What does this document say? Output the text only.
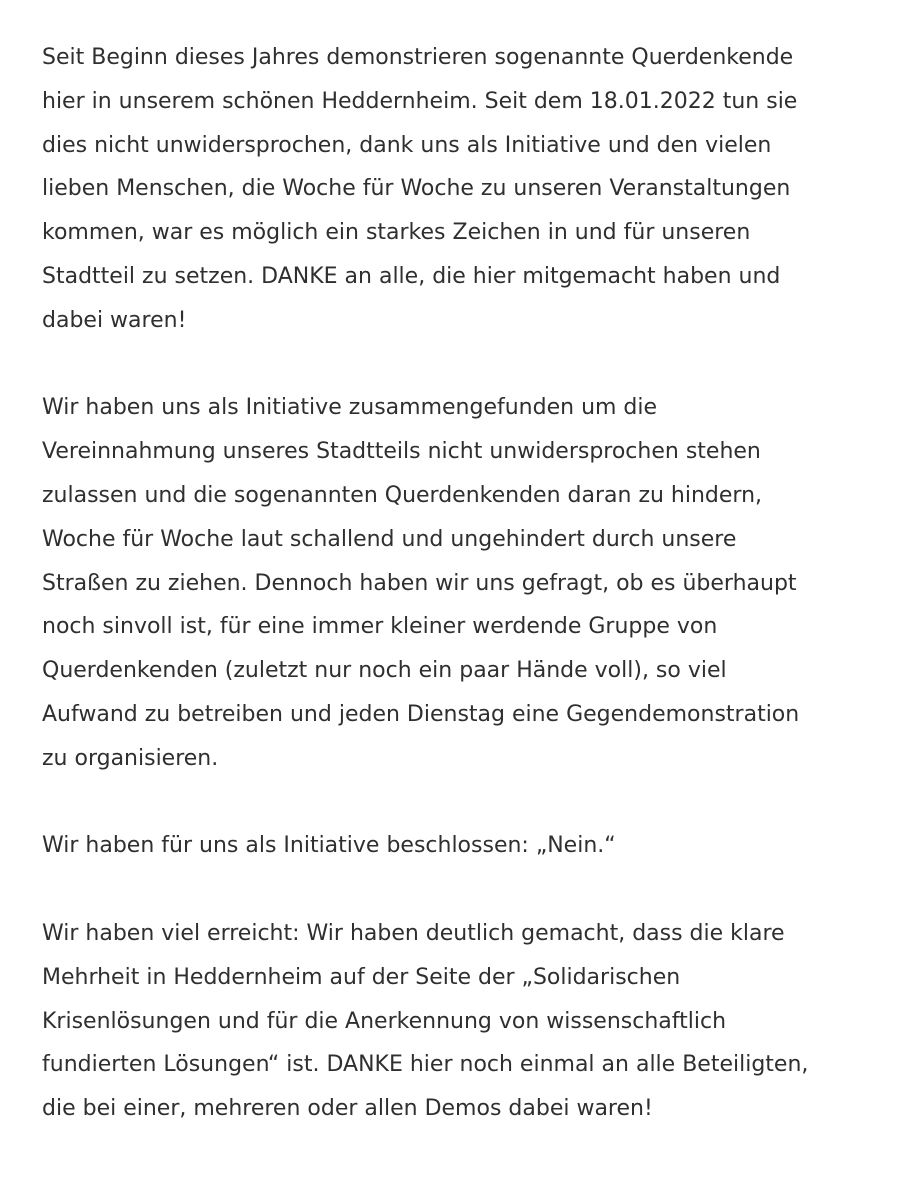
Seit Beginn dieses Jahres demonstrieren sogenannte Querdenkende
hier in unserem schönen Heddernheim. Seit dem 18.01.2022 tun sie
dies nicht unwidersprochen, dank uns als Initiative und den vielen
lieben Menschen, die Woche für Woche zu unseren Veranstaltungen
kommen, war es möglich ein starkes Zeichen in und für unseren
Stadtteil zu setzen. DANKE an alle, die hier mitgemacht haben und
dabei waren!

Wir haben uns als Initiative zusammengefunden um die
Vereinnahmung unseres Stadtteils nicht unwidersprochen stehen
zulassen und die sogenannten Querdenkenden daran zu hindern,
Woche für Woche laut schallend und ungehindert durch unsere
Straßen zu ziehen. Dennoch haben wir uns gefragt, ob es überhaupt
noch sinvoll ist, für eine immer kleiner werdende Gruppe von
Querdenkenden (zuletzt nur noch ein paar Hände voll), so viel
Aufwand zu betreiben und jeden Dienstag eine Gegendemonstration
zu organisieren.

Wir haben für uns als Initiative beschlossen: „Nein.“

Wir haben viel erreicht: Wir haben deutlich gemacht, dass die klare
Mehrheit in Heddernheim auf der Seite der „Solidarischen
Krisenlösungen und für die Anerkennung von wissenschaftlich
fundierten Lösungen“ ist. DANKE hier noch einmal an alle Beteiligten,
die bei einer, mehreren oder allen Demos dabei waren!
